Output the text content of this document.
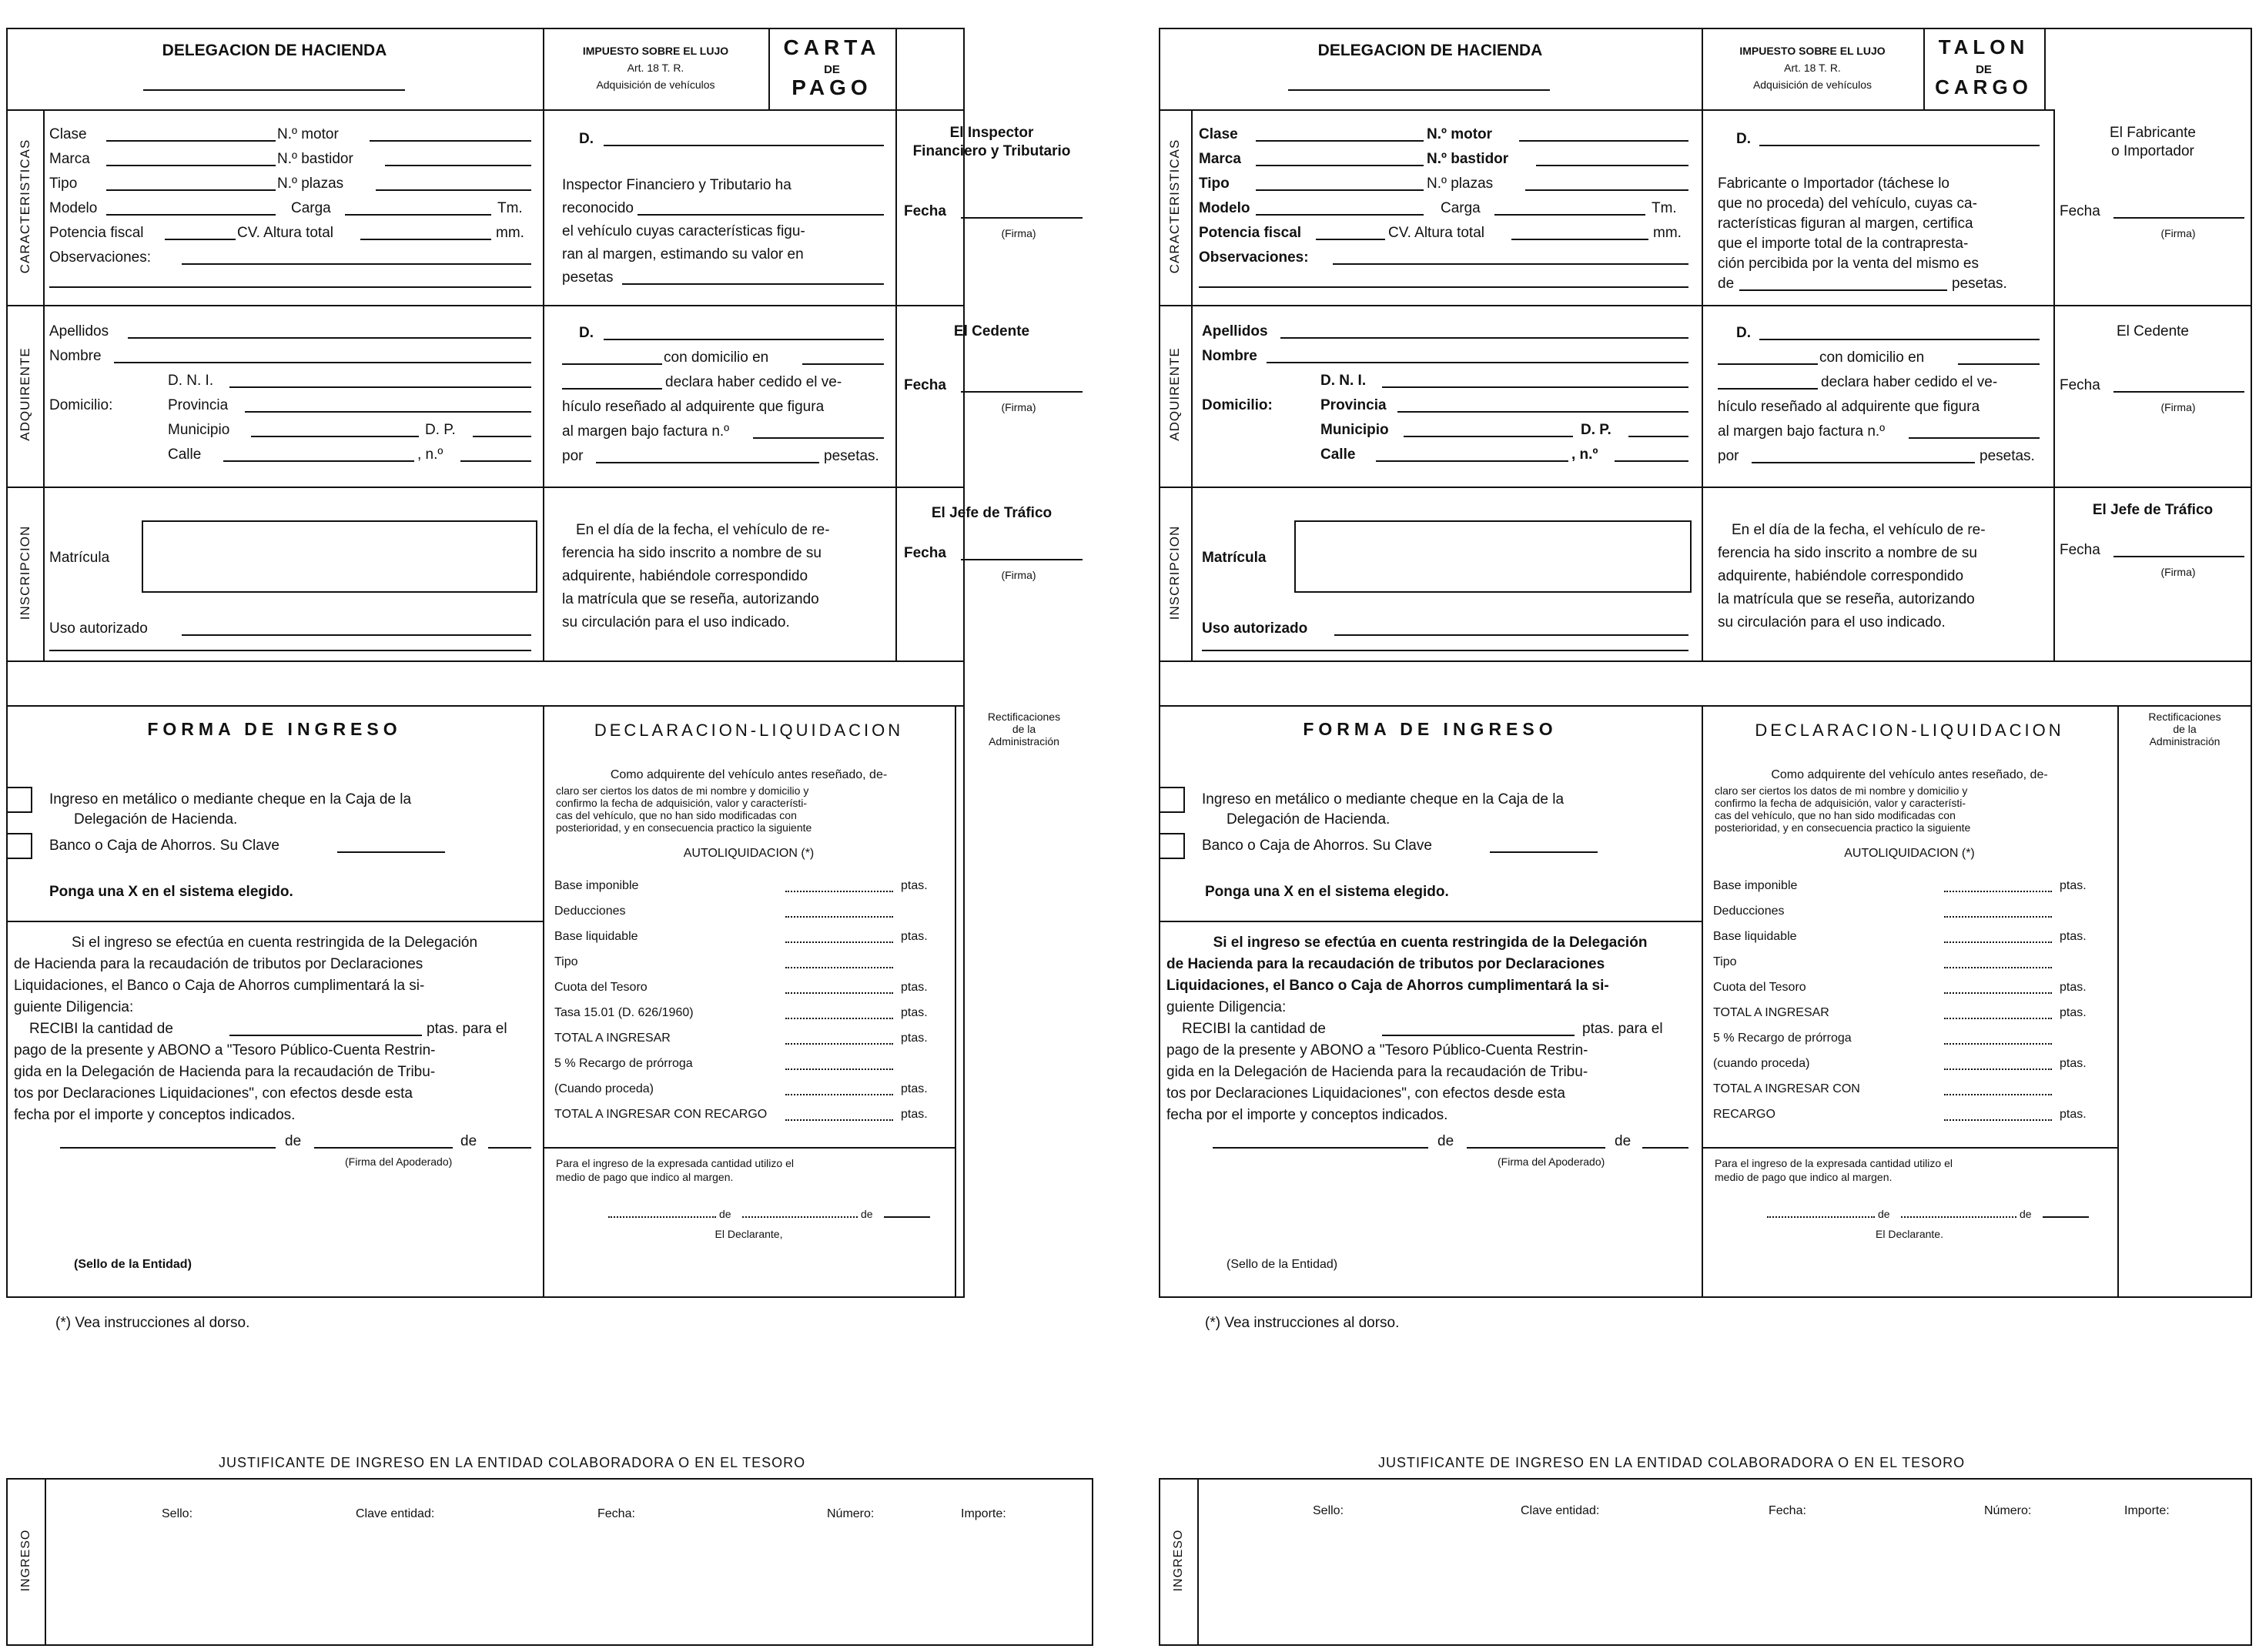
DELEGACION DE HACIENDA	IMPUESTO SOBRE EL LUJO
Art. 18 T. R.
Adquisición de vehículos
CARTA
DE
PAGO
CARACTERISTICAS
Clase	N.º motor
Marca	N.º bastidor
Tipo	N.º plazas
Modelo	Carga	Tm.
Potencia fiscal	CV. Altura total	mm.
Observaciones:
D.
Inspector Financiero y Tributario ha
reconocido
el vehículo cuyas características figu-
ran al margen, estimando su valor en
pesetas
El Inspector
Financiero y Tributario
Fecha
(Firma)
ADQUIRENTE
Apellidos
Nombre
D. N. I.
Domicilio:	Provincia
Municipio	D. P.
Calle	, n.º
D.
con domicilio en
declara haber cedido el ve-
hículo reseñado al adquirente que figura
al margen bajo factura n.º
por	pesetas.
El Cedente
Fecha
(Firma)
INSCRIPCION Matrícula
Uso autorizado
En el día de la fecha, el vehículo de re-
ferencia ha sido inscrito a nombre de su
adquirente, habiéndole correspondido
la matrícula que se reseña, autorizando
su circulación para el uso indicado.
El Jefe de Tráfico
Fecha
(Firma)
FORMA DE INGRESO
Ingreso en metálico o mediante cheque en la Caja de la
Delegación de Hacienda.
Banco o Caja de Ahorros. Su Clave
Ponga una X en el sistema elegido.
Si el ingreso se efectúa en cuenta restringida de la Delegación
de Hacienda para la recaudación de tributos por Declaraciones
Liquidaciones, el Banco o Caja de Ahorros cumplimentará la si-
guiente Diligencia:
RECIBI la cantidad de	ptas. para el
pago de la presente y ABONO a "Tesoro Público-Cuenta Restrin-
gida en la Delegación de Hacienda para la recaudación de Tribu-
tos por Declaraciones Liquidaciones", con efectos desde esta
fecha por el importe y conceptos indicados.
de	de
(Firma del Apoderado)
(Sello de la Entidad)
DECLARACION-LIQUIDACION
Rectificaciones
de la
Administración
Como adquirente del vehículo antes reseñado, de-
claro ser ciertos los datos de mi nombre y domicilio y
confirmo la fecha de adquisición, valor y característi-
cas del vehículo, que no han sido modificadas con
posterioridad, y en consecuencia practico la siguiente
AUTOLIQUIDACION (*)
Para el ingreso de la expresada cantidad utilizo el
medio de pago que indico al margen.
de	de
El Declarante,
(*) Vea instrucciones al dorso.
Base imponible	ptas.
Deducciones
Base liquidable	ptas.
Tipo
Cuota del Tesoro	ptas.
Tasa 15.01 (D. 626/1960)	ptas.
TOTAL A INGRESAR	ptas.
5 % Recargo de prórroga
(Cuando proceda)	ptas.
TOTAL A INGRESAR CON RECARGO	ptas.
JUSTIFICANTE DE INGRESO EN LA ENTIDAD COLABORADORA O EN EL TESORO
INGRESO
Sello:	Clave entidad:	Fecha:	Número:	Importe:
DELEGACION DE HACIENDA	IMPUESTO SOBRE EL LUJO
Art. 18 T. R.
Adquisición de vehículos
TALON
DE
CARGO
CARACTERISTICAS
Clase	N.º motor
Marca	N.º bastidor
Tipo	N.º plazas
Modelo	Carga	Tm.
Potencia fiscal	CV. Altura total	mm.
Observaciones:
D.
Fabricante o Importador (táchese lo
que no proceda) del vehículo, cuyas ca-
racterísticas figuran al margen, certifica
que el importe total de la contrapresta-
ción percibida por la venta del mismo es
de	pesetas.
El Fabricante
o Importador
Fecha
(Firma)
ADQUIRENTE
Apellidos
Nombre
D. N. I.
Domicilio:	Provincia
Municipio	D. P.
Calle	, n.º
D.
con domicilio en
declara haber cedido el ve-
hículo reseñado al adquirente que figura
al margen bajo factura n.º
por	pesetas.
El Cedente
Fecha
(Firma)
INSCRIPCION Matrícula
Uso autorizado
En el día de la fecha, el vehículo de re-
ferencia ha sido inscrito a nombre de su
adquirente, habiéndole correspondido
la matrícula que se reseña, autorizando
su circulación para el uso indicado.
El Jefe de Tráfico
Fecha
(Firma)
FORMA DE INGRESO
Ingreso en metálico o mediante cheque en la Caja de la
Delegación de Hacienda.
Banco o Caja de Ahorros. Su Clave
Ponga una X en el sistema elegido.
Si el ingreso se efectúa en cuenta restringida de la Delegación
de Hacienda para la recaudación de tributos por Declaraciones
Liquidaciones, el Banco o Caja de Ahorros cumplimentará la si-
guiente Diligencia:
RECIBI la cantidad de	ptas. para el
pago de la presente y ABONO a "Tesoro Público-Cuenta Restrin-
gida en la Delegación de Hacienda para la recaudación de Tribu-
tos por Declaraciones Liquidaciones", con efectos desde esta
fecha por el importe y conceptos indicados.
de	de
(Firma del Apoderado)
(Sello de la Entidad)
DECLARACION-LIQUIDACION
Rectificaciones
de la
Administración
Como adquirente del vehículo antes reseñado, de-
claro ser ciertos los datos de mi nombre y domicilio y
confirmo la fecha de adquisición, valor y característi-
cas del vehículo, que no han sido modificadas con
posterioridad, y en consecuencia practico la siguiente
AUTOLIQUIDACION (*)
Para el ingreso de la expresada cantidad utilizo el
medio de pago que indico al margen.
de	de
El Declarante.
(*) Vea instrucciones al dorso.
Base imponible	ptas.
Deducciones
Base liquidable	ptas.
Tipo
Cuota del Tesoro	ptas.
TOTAL A INGRESAR	ptas.
5 % Recargo de prórroga
(cuando proceda)	ptas.
TOTAL A INGRESAR CON
RECARGO	ptas.
JUSTIFICANTE DE INGRESO EN LA ENTIDAD COLABORADORA O EN EL TESORO
INGRESO
Sello:	Clave entidad:	Fecha:	Número:	Importe:
